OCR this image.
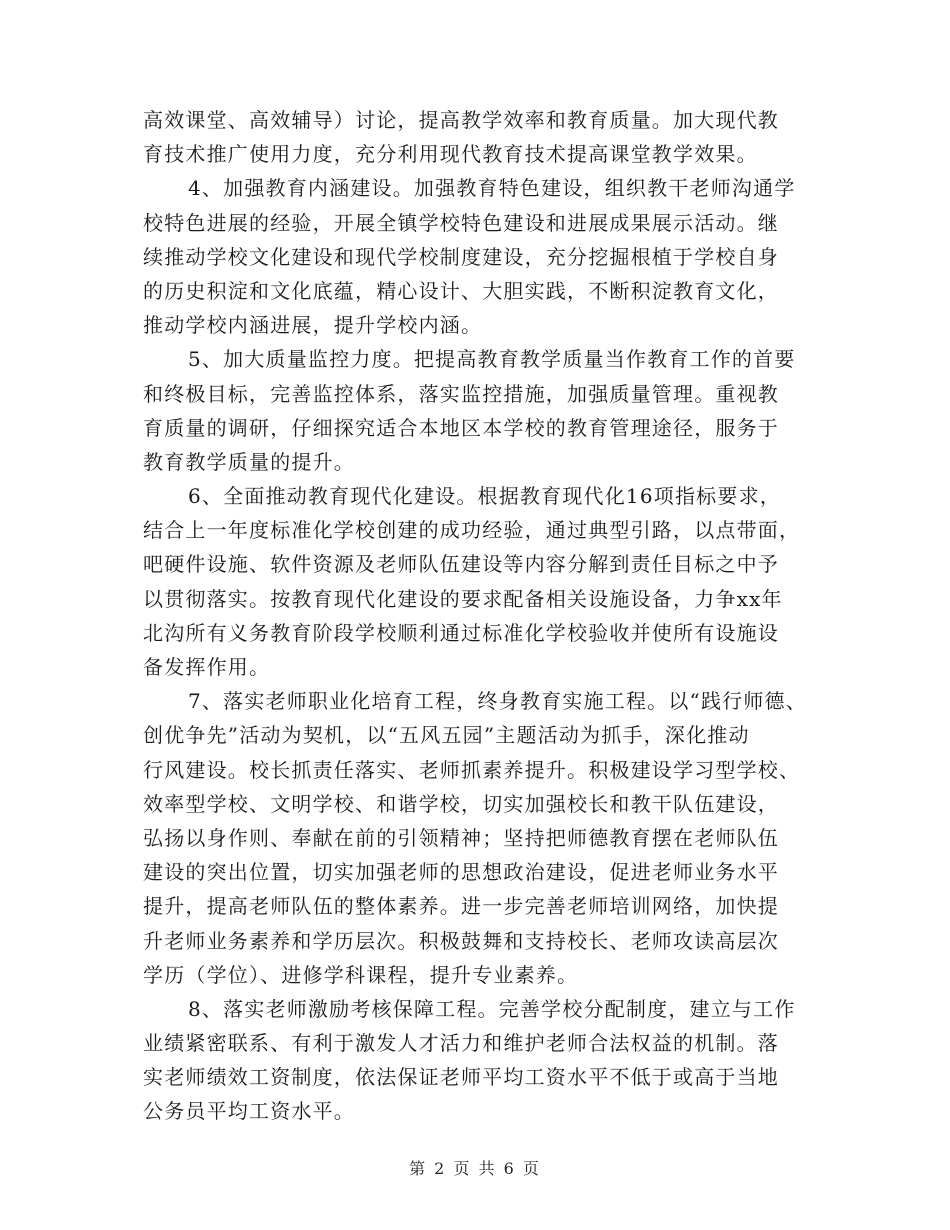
高效课堂、高效辅导）讨论，提高教学效率和教育质量。加大现代教
育技术推广使用力度，充分利用现代教育技术提高课堂教学效果。
4、加强教育内涵建设。加强教育特色建设，组织教干老师沟通学
校特色进展的经验，开展全镇学校特色建设和进展成果展示活动。继
续推动学校文化建设和现代学校制度建设，充分挖掘根植于学校自身
的历史积淀和文化底蕴，精心设计、大胆实践，不断积淀教育文化，
推动学校内涵进展，提升学校内涵。
5、加大质量监控力度。把提高教育教学质量当作教育工作的首要
和终极目标，完善监控体系，落实监控措施，加强质量管理。重视教
育质量的调研，仔细探究适合本地区本学校的教育管理途径，服务于
教育教学质量的提升。
6、全面推动教育现代化建设。根据教育现代化16项指标要求，
结合上一年度标准化学校创建的成功经验，通过典型引路，以点带面，
吧硬件设施、软件资源及老师队伍建设等内容分解到责任目标之中予
以贯彻落实。按教育现代化建设的要求配备相关设施设备，力争xx年
北沟所有义务教育阶段学校顺利通过标准化学校验收并使所有设施设
备发挥作用。
7、落实老师职业化培育工程，终身教育实施工程。以“践行师德、
创优争先”活动为契机，以“五风五园”主题活动为抓手，深化推动
行风建设。校长抓责任落实、老师抓素养提升。积极建设学习型学校、
效率型学校、文明学校、和谐学校，切实加强校长和教干队伍建设，
弘扬以身作则、奉献在前的引领精神；坚持把师德教育摆在老师队伍
建设的突出位置，切实加强老师的思想政治建设，促进老师业务水平
提升，提高老师队伍的整体素养。进一步完善老师培训网络，加快提
升老师业务素养和学历层次。积极鼓舞和支持校长、老师攻读高层次
学历（学位）、进修学科课程，提升专业素养。
8、落实老师激励考核保障工程。完善学校分配制度，建立与工作
业绩紧密联系、有利于激发人才活力和维护老师合法权益的机制。落
实老师绩效工资制度，依法保证老师平均工资水平不低于或高于当地
公务员平均工资水平。
第 2 页 共 6 页
